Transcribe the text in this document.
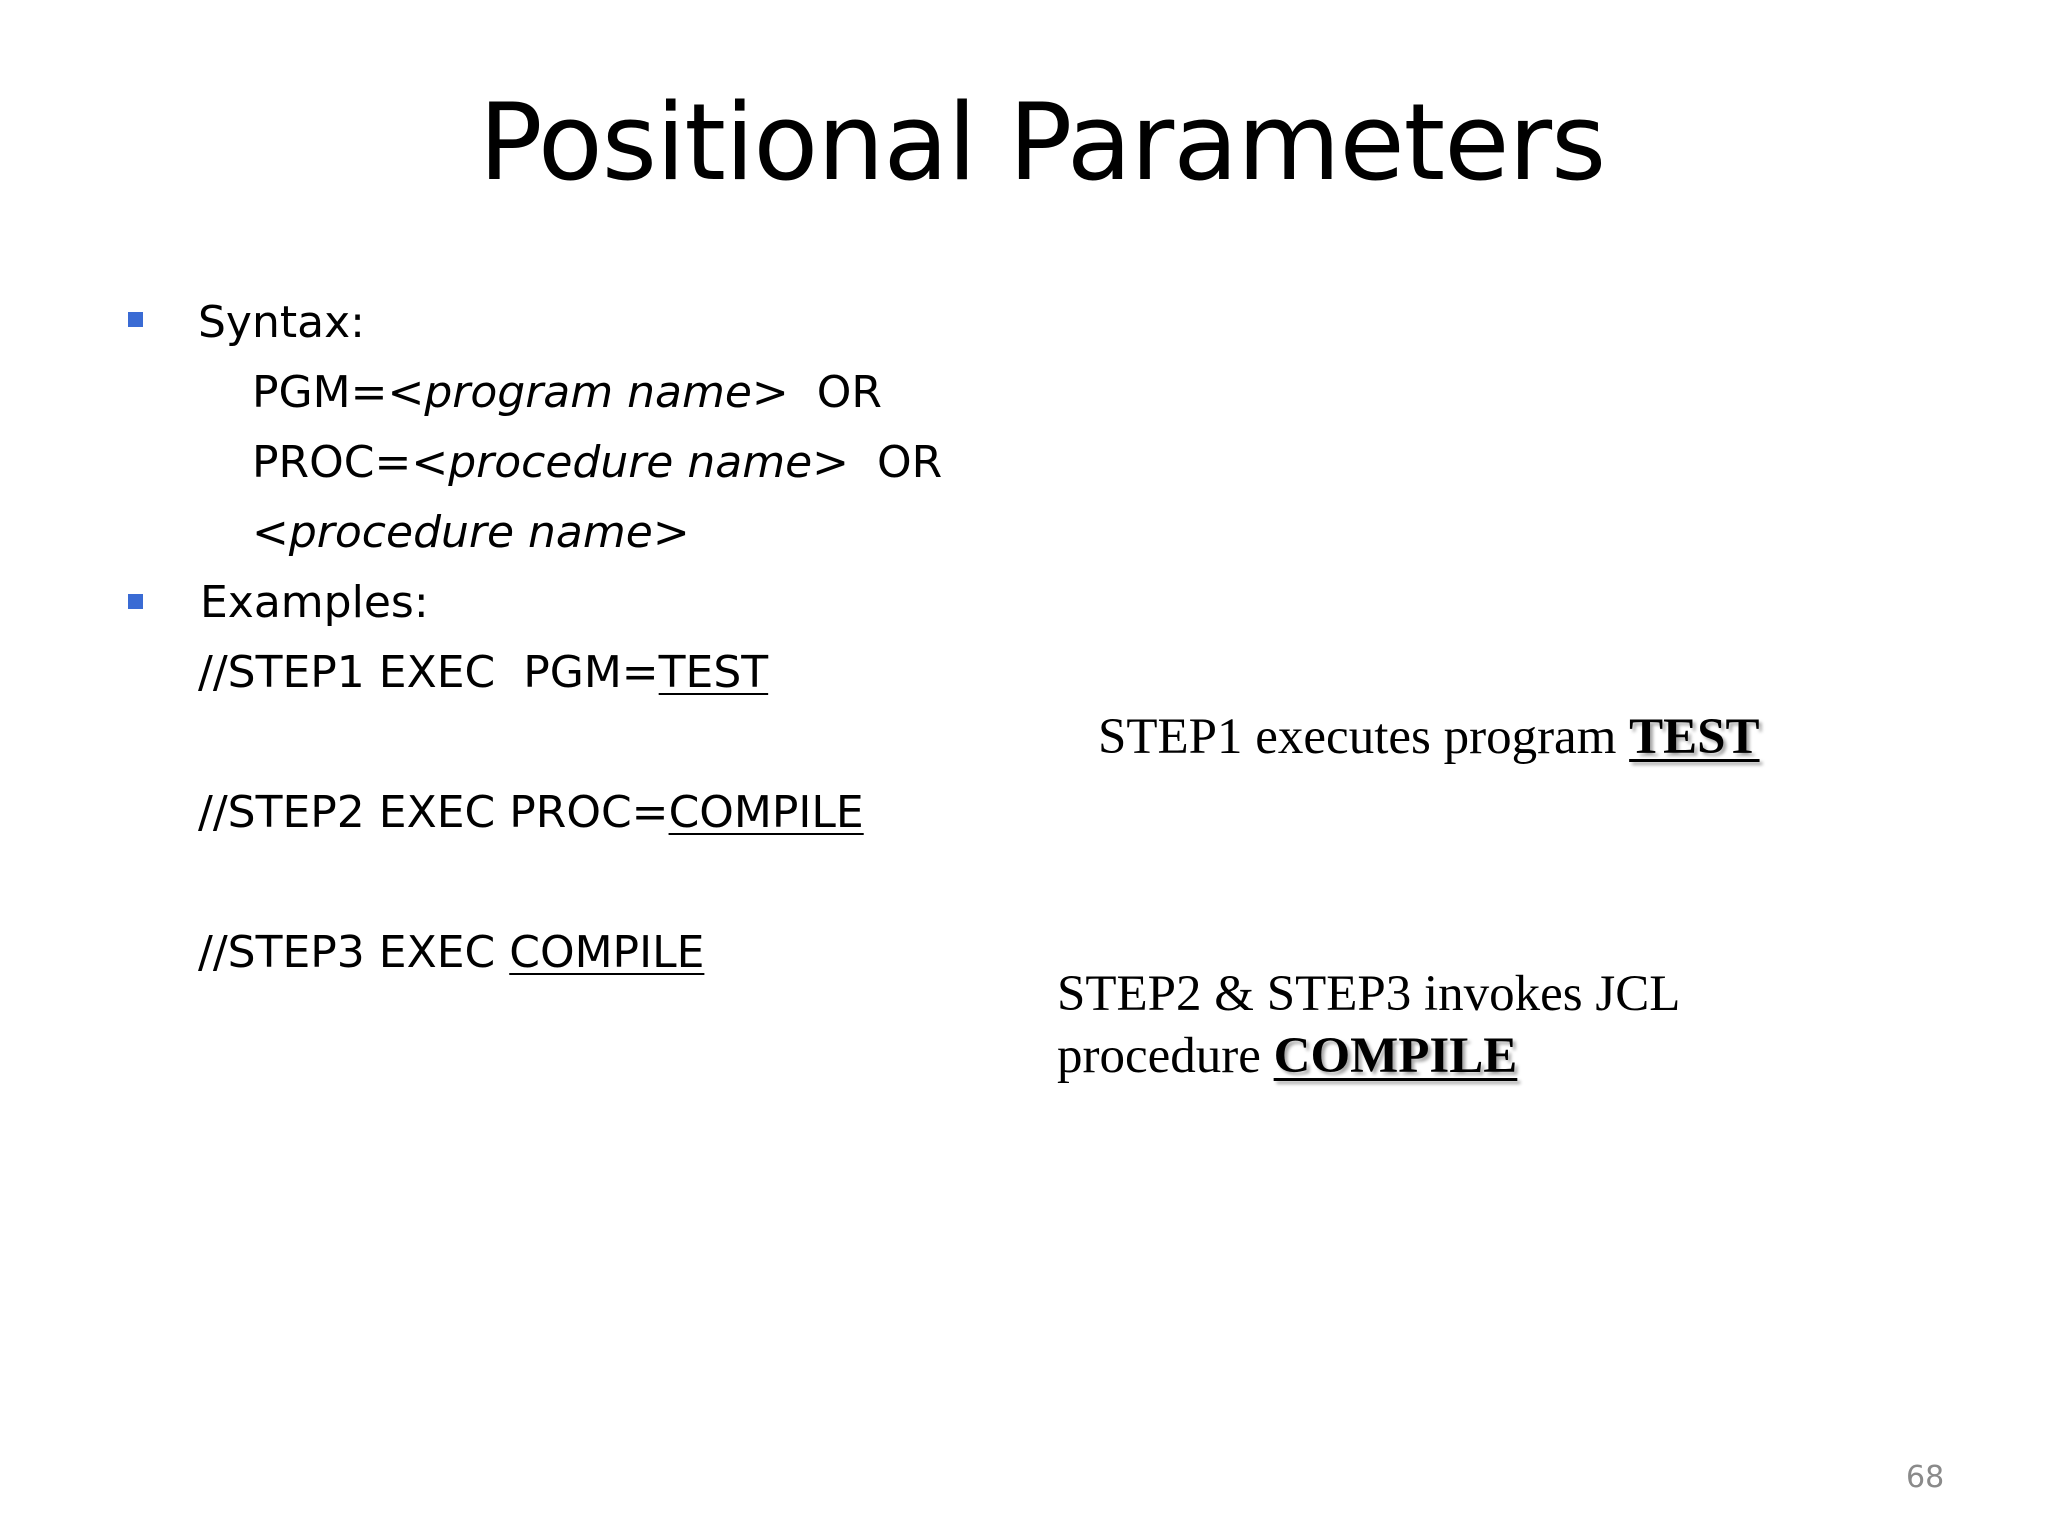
Positional Parameters
Syntax:
PGM=<program name>  OR
PROC=<procedure name>  OR
<procedure name>
Examples:
//STEP1 EXEC  PGM=TEST
//STEP2 EXEC PROC=COMPILE
//STEP3 EXEC COMPILE
STEP1 executes program TEST
STEP2 & STEP3 invokes JCL
procedure COMPILE
68
